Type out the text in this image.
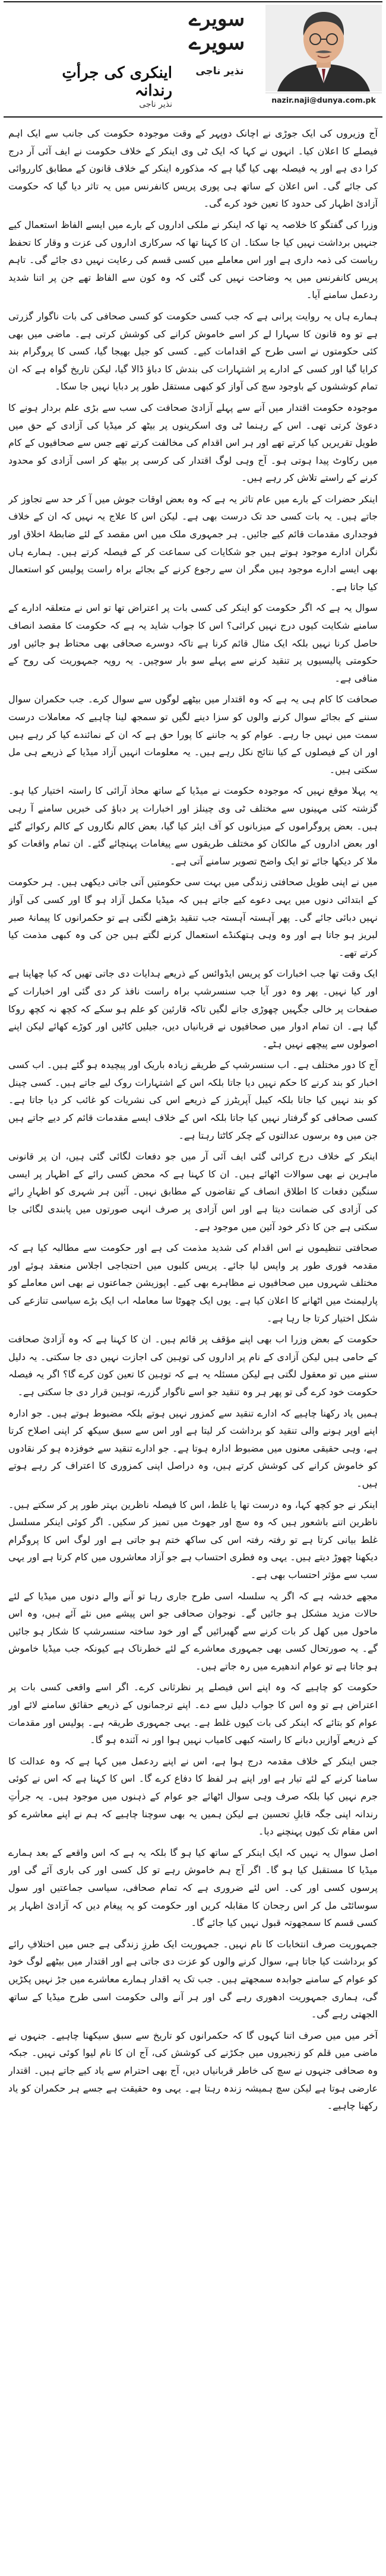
سویرے
سویرے
نذیر ناجی
nazir.naji@dunya.com.pk
اینکری کی جرأتِ رندانہ
نذیر ناجی

آج وزیروں کی ایک جوڑی نے اچانک دوپہر کے وقت موجودہ حکومت کی جانب سے ایک اہم فیصلے کا اعلان کیا۔ انہوں نے کہا کہ ایک ٹی وی اینکر کے خلاف حکومت نے ایف آئی آر درج کرا دی ہے اور یہ فیصلہ بھی کیا گیا ہے کہ مذکورہ اینکر کے خلاف قانون کے مطابق کارروائی کی جائے گی۔ اس اعلان کے ساتھ ہی پوری پریس کانفرنس میں یہ تاثر دیا گیا کہ حکومت آزادیٔ اظہار کی حدود کا تعین خود کرے گی۔

وزرا کی گفتگو کا خلاصہ یہ تھا کہ اینکر نے ملکی اداروں کے بارے میں ایسے الفاظ استعمال کیے جنہیں برداشت نہیں کیا جا سکتا۔ ان کا کہنا تھا کہ سرکاری اداروں کی عزت و وقار کا تحفظ ریاست کی ذمہ داری ہے اور اس معاملے میں کسی قسم کی رعایت نہیں دی جائے گی۔ تاہم پریس کانفرنس میں یہ وضاحت نہیں کی گئی کہ وہ کون سے الفاظ تھے جن پر اتنا شدید ردعمل سامنے آیا۔

ہمارے ہاں یہ روایت پرانی ہے کہ جب کسی حکومت کو کسی صحافی کی بات ناگوار گزرتی ہے تو وہ قانون کا سہارا لے کر اسے خاموش کرانے کی کوشش کرتی ہے۔ ماضی میں بھی کئی حکومتوں نے اسی طرح کے اقدامات کیے۔ کسی کو جیل بھیجا گیا، کسی کا پروگرام بند کرایا گیا اور کسی کے ادارے پر اشتہارات کی بندش کا دباؤ ڈالا گیا، لیکن تاریخ گواہ ہے کہ ان تمام کوششوں کے باوجود سچ کی آواز کو کبھی مستقل طور پر دبایا نہیں جا سکا۔

موجودہ حکومت اقتدار میں آنے سے پہلے آزادیٔ صحافت کی سب سے بڑی علم بردار ہونے کا دعویٰ کرتی تھی۔ اس کے رہنما ٹی وی اسکرینوں پر بیٹھ کر میڈیا کی آزادی کے حق میں طویل تقریریں کیا کرتے تھے اور ہر اس اقدام کی مخالفت کرتے تھے جس سے صحافیوں کے کام میں رکاوٹ پیدا ہوتی ہو۔ آج وہی لوگ اقتدار کی کرسی پر بیٹھ کر اسی آزادی کو محدود کرنے کے راستے تلاش کر رہے ہیں۔

اینکر حضرات کے بارے میں عام تاثر یہ ہے کہ وہ بعض اوقات جوش میں آ کر حد سے تجاوز کر جاتے ہیں۔ یہ بات کسی حد تک درست بھی ہے۔ لیکن اس کا علاج یہ نہیں کہ ان کے خلاف فوجداری مقدمات قائم کیے جائیں۔ ہر جمہوری ملک میں اس مقصد کے لئے ضابطۂ اخلاق اور نگران ادارے موجود ہوتے ہیں جو شکایات کی سماعت کر کے فیصلہ کرتے ہیں۔ ہمارے ہاں بھی ایسے ادارے موجود ہیں مگر ان سے رجوع کرنے کے بجائے براہ راست پولیس کو استعمال کیا جاتا ہے۔

سوال یہ ہے کہ اگر حکومت کو اینکر کی کسی بات پر اعتراض تھا تو اس نے متعلقہ ادارے کے سامنے شکایت کیوں درج نہیں کرائی؟ اس کا جواب شاید یہ ہے کہ حکومت کا مقصد انصاف حاصل کرنا نہیں بلکہ ایک مثال قائم کرنا ہے تاکہ دوسرے صحافی بھی محتاط ہو جائیں اور حکومتی پالیسیوں پر تنقید کرنے سے پہلے سو بار سوچیں۔ یہ رویہ جمہوریت کی روح کے منافی ہے۔

صحافت کا کام ہی یہ ہے کہ وہ اقتدار میں بیٹھے لوگوں سے سوال کرے۔ جب حکمران سوال سننے کے بجائے سوال کرنے والوں کو سزا دینے لگیں تو سمجھ لینا چاہیے کہ معاملات درست سمت میں نہیں جا رہے۔ عوام کو یہ جاننے کا پورا حق ہے کہ ان کے نمائندے کیا کر رہے ہیں اور ان کے فیصلوں کے کیا نتائج نکل رہے ہیں۔ یہ معلومات انہیں آزاد میڈیا کے ذریعے ہی مل سکتی ہیں۔

یہ پہلا موقع نہیں کہ موجودہ حکومت نے میڈیا کے ساتھ محاذ آرائی کا راستہ اختیار کیا ہو۔ گزشتہ کئی مہینوں سے مختلف ٹی وی چینلز اور اخبارات پر دباؤ کی خبریں سامنے آ رہی ہیں۔ بعض پروگراموں کے میزبانوں کو آف ایئر کیا گیا، بعض کالم نگاروں کے کالم رکوائے گئے اور بعض اداروں کے مالکان کو مختلف طریقوں سے پیغامات پہنچائے گئے۔ ان تمام واقعات کو ملا کر دیکھا جائے تو ایک واضح تصویر سامنے آتی ہے۔

میں نے اپنی طویل صحافتی زندگی میں بہت سی حکومتیں آتی جاتی دیکھی ہیں۔ ہر حکومت کے ابتدائی دنوں میں یہی دعوے کیے جاتے ہیں کہ میڈیا مکمل آزاد ہو گا اور کسی کی آواز نہیں دبائی جائے گی۔ پھر آہستہ آہستہ جب تنقید بڑھنے لگتی ہے تو حکمرانوں کا پیمانۂ صبر لبریز ہو جاتا ہے اور وہ وہی ہتھکنڈے استعمال کرنے لگتے ہیں جن کی وہ کبھی مذمت کیا کرتے تھے۔

ایک وقت تھا جب اخبارات کو پریس ایڈوائس کے ذریعے ہدایات دی جاتی تھیں کہ کیا چھاپنا ہے اور کیا نہیں۔ پھر وہ دور آیا جب سنسرشپ براہ راست نافذ کر دی گئی اور اخبارات کے صفحات پر خالی جگہیں چھوڑی جانے لگیں تاکہ قارئین کو علم ہو سکے کہ کچھ نہ کچھ روکا گیا ہے۔ ان تمام ادوار میں صحافیوں نے قربانیاں دیں، جیلیں کاٹیں اور کوڑے کھائے لیکن اپنے اصولوں سے پیچھے نہیں ہٹے۔

آج کا دور مختلف ہے۔ اب سنسرشپ کے طریقے زیادہ باریک اور پیچیدہ ہو گئے ہیں۔ اب کسی اخبار کو بند کرنے کا حکم نہیں دیا جاتا بلکہ اس کے اشتہارات روک لیے جاتے ہیں۔ کسی چینل کو بند نہیں کیا جاتا بلکہ کیبل آپریٹرز کے ذریعے اس کی نشریات کو غائب کر دیا جاتا ہے۔ کسی صحافی کو گرفتار نہیں کیا جاتا بلکہ اس کے خلاف ایسے مقدمات قائم کر دیے جاتے ہیں جن میں وہ برسوں عدالتوں کے چکر کاٹتا رہتا ہے۔

اینکر کے خلاف درج کرائی گئی ایف آئی آر میں جو دفعات لگائی گئی ہیں، ان پر قانونی ماہرین نے بھی سوالات اٹھائے ہیں۔ ان کا کہنا ہے کہ محض کسی رائے کے اظہار پر ایسی سنگین دفعات کا اطلاق انصاف کے تقاضوں کے مطابق نہیں۔ آئین ہر شہری کو اظہارِ رائے کی آزادی کی ضمانت دیتا ہے اور اس آزادی پر صرف انہی صورتوں میں پابندی لگائی جا سکتی ہے جن کا ذکر خود آئین میں موجود ہے۔

صحافتی تنظیموں نے اس اقدام کی شدید مذمت کی ہے اور حکومت سے مطالبہ کیا ہے کہ مقدمہ فوری طور پر واپس لیا جائے۔ پریس کلبوں میں احتجاجی اجلاس منعقد ہوئے اور مختلف شہروں میں صحافیوں نے مظاہرے بھی کیے۔ اپوزیشن جماعتوں نے بھی اس معاملے کو پارلیمنٹ میں اٹھانے کا اعلان کیا ہے۔ یوں ایک چھوٹا سا معاملہ اب ایک بڑے سیاسی تنازعے کی شکل اختیار کرتا جا رہا ہے۔

حکومت کے بعض وزرا اب بھی اپنے مؤقف پر قائم ہیں۔ ان کا کہنا ہے کہ وہ آزادیٔ صحافت کے حامی ہیں لیکن آزادی کے نام پر اداروں کی توہین کی اجازت نہیں دی جا سکتی۔ یہ دلیل سننے میں تو معقول لگتی ہے لیکن مسئلہ یہ ہے کہ توہین کا تعین کون کرے گا؟ اگر یہ فیصلہ حکومت خود کرے گی تو پھر ہر وہ تنقید جو اسے ناگوار گزرے، توہین قرار دی جا سکتی ہے۔

ہمیں یاد رکھنا چاہیے کہ ادارے تنقید سے کمزور نہیں ہوتے بلکہ مضبوط ہوتے ہیں۔ جو ادارہ اپنے اوپر ہونے والی تنقید کو برداشت کر لیتا ہے اور اس سے سبق سیکھ کر اپنی اصلاح کرتا ہے، وہی حقیقی معنوں میں مضبوط ادارہ ہوتا ہے۔ جو ادارے تنقید سے خوفزدہ ہو کر نقادوں کو خاموش کرانے کی کوشش کرتے ہیں، وہ دراصل اپنی کمزوری کا اعتراف کر رہے ہوتے ہیں۔

اینکر نے جو کچھ کہا، وہ درست تھا یا غلط، اس کا فیصلہ ناظرین بہتر طور پر کر سکتے ہیں۔ ناظرین اتنے باشعور ہیں کہ وہ سچ اور جھوٹ میں تمیز کر سکیں۔ اگر کوئی اینکر مسلسل غلط بیانی کرتا ہے تو رفتہ رفتہ اس کی ساکھ ختم ہو جاتی ہے اور لوگ اس کا پروگرام دیکھنا چھوڑ دیتے ہیں۔ یہی وہ فطری احتساب ہے جو آزاد معاشروں میں کام کرتا ہے اور یہی سب سے مؤثر احتساب بھی ہے۔

مجھے خدشہ ہے کہ اگر یہ سلسلہ اسی طرح جاری رہا تو آنے والے دنوں میں میڈیا کے لئے حالات مزید مشکل ہو جائیں گے۔ نوجوان صحافی جو اس پیشے میں نئے آئے ہیں، وہ اس ماحول میں کھل کر بات کرنے سے گھبرائیں گے اور خود ساختہ سنسرشپ کا شکار ہو جائیں گے۔ یہ صورتحال کسی بھی جمہوری معاشرے کے لئے خطرناک ہے کیونکہ جب میڈیا خاموش ہو جاتا ہے تو عوام اندھیرے میں رہ جاتے ہیں۔

حکومت کو چاہیے کہ وہ اپنے اس فیصلے پر نظرثانی کرے۔ اگر اسے واقعی کسی بات پر اعتراض ہے تو وہ اس کا جواب دلیل سے دے۔ اپنے ترجمانوں کے ذریعے حقائق سامنے لائے اور عوام کو بتائے کہ اینکر کی بات کیوں غلط ہے۔ یہی جمہوری طریقہ ہے۔ پولیس اور مقدمات کے ذریعے آوازیں دبانے کا راستہ کبھی کامیاب نہیں ہوا اور نہ آئندہ ہو گا۔

جس اینکر کے خلاف مقدمہ درج ہوا ہے، اس نے اپنے ردعمل میں کہا ہے کہ وہ عدالت کا سامنا کرنے کے لئے تیار ہے اور اپنے ہر لفظ کا دفاع کرے گا۔ اس کا کہنا ہے کہ اس نے کوئی جرم نہیں کیا بلکہ صرف وہی سوال اٹھائے جو عوام کے ذہنوں میں موجود ہیں۔ یہ جرأتِ رندانہ اپنی جگہ قابلِ تحسین ہے لیکن ہمیں یہ بھی سوچنا چاہیے کہ ہم نے اپنے معاشرے کو اس مقام تک کیوں پہنچنے دیا۔

اصل سوال یہ نہیں کہ ایک اینکر کے ساتھ کیا ہو گا بلکہ یہ ہے کہ اس واقعے کے بعد ہمارے میڈیا کا مستقبل کیا ہو گا۔ اگر آج ہم خاموش رہے تو کل کسی اور کی باری آئے گی اور پرسوں کسی اور کی۔ اس لئے ضروری ہے کہ تمام صحافی، سیاسی جماعتیں اور سول سوسائٹی مل کر اس رجحان کا مقابلہ کریں اور حکومت کو یہ پیغام دیں کہ آزادیٔ اظہار پر کسی قسم کا سمجھوتہ قبول نہیں کیا جائے گا۔

جمہوریت صرف انتخابات کا نام نہیں۔ جمہوریت ایک طرزِ زندگی ہے جس میں اختلافِ رائے کو برداشت کیا جاتا ہے، سوال کرنے والوں کو عزت دی جاتی ہے اور اقتدار میں بیٹھے لوگ خود کو عوام کے سامنے جوابدہ سمجھتے ہیں۔ جب تک یہ اقدار ہمارے معاشرے میں جڑ نہیں پکڑیں گی، ہماری جمہوریت ادھوری رہے گی اور ہر آنے والی حکومت اسی طرح میڈیا کے ساتھ الجھتی رہے گی۔

آخر میں میں صرف اتنا کہوں گا کہ حکمرانوں کو تاریخ سے سبق سیکھنا چاہیے۔ جنہوں نے ماضی میں قلم کو زنجیروں میں جکڑنے کی کوشش کی، آج ان کا نام لیوا کوئی نہیں۔ جبکہ وہ صحافی جنہوں نے سچ کی خاطر قربانیاں دیں، آج بھی احترام سے یاد کیے جاتے ہیں۔ اقتدار عارضی ہوتا ہے لیکن سچ ہمیشہ زندہ رہتا ہے۔ یہی وہ حقیقت ہے جسے ہر حکمران کو یاد رکھنا چاہیے۔
